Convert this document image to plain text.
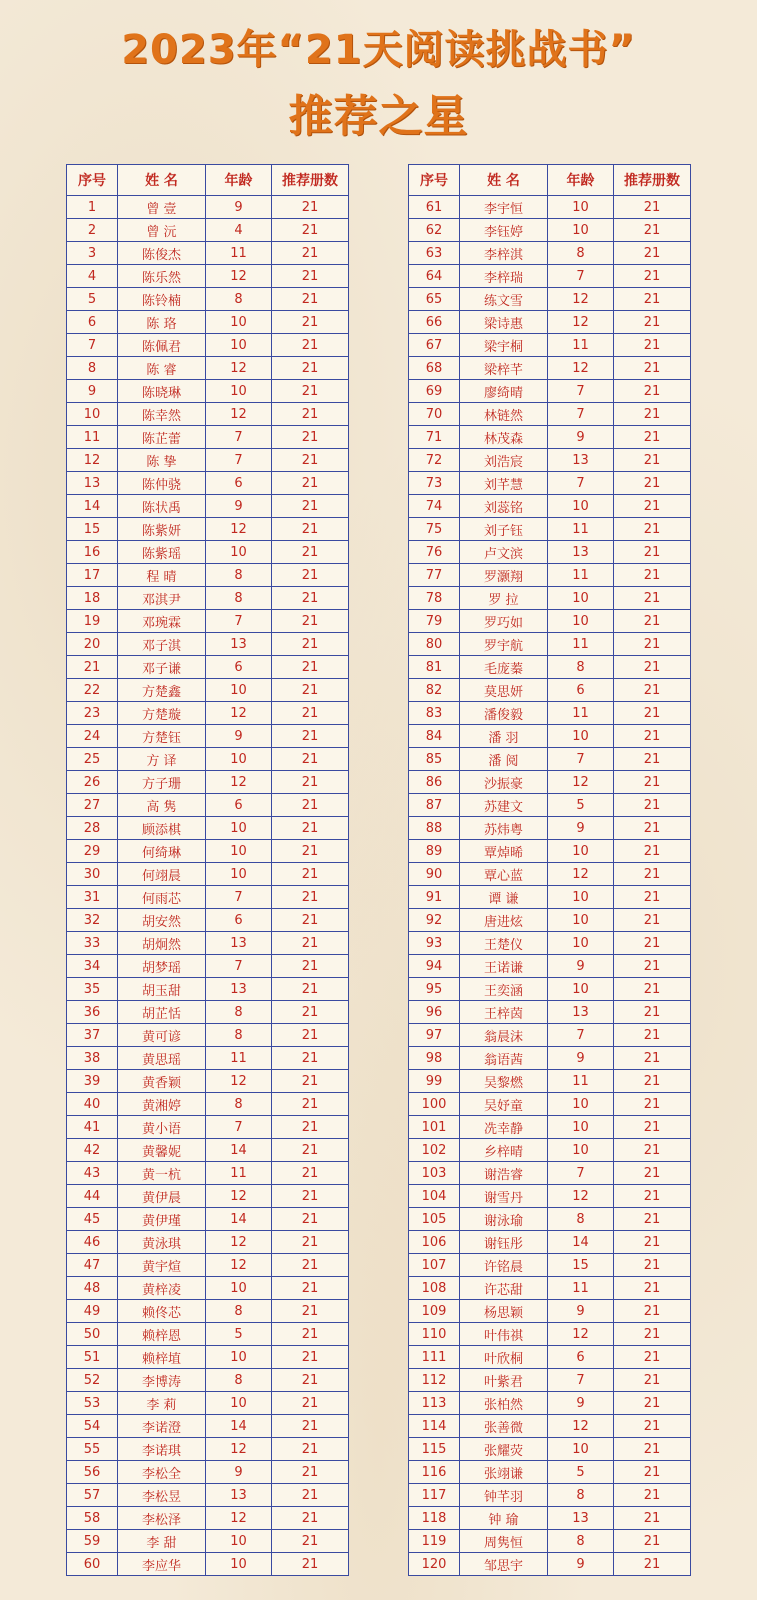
2023年“21天阅读挑战书”
推荐之星
序号	姓 名	年龄	推荐册数
1	曾 壹	9	21
2	曾 沅	4	21
3	陈俊杰	11	21
4	陈乐然	12	21
5	陈铃楠	8	21
6	陈 珞	10	21
7	陈佩君	10	21
8	陈 睿	12	21
9	陈晓琳	10	21
10	陈幸然	12	21
11	陈芷蕾	7	21
12	陈 挚	7	21
13	陈仲骁	6	21
14	陈状禹	9	21
15	陈紫妍	12	21
16	陈紫瑶	10	21
17	程 晴	8	21
18	邓淇尹	8	21
19	邓琬霖	7	21
20	邓子淇	13	21
21	邓子谦	6	21
22	方楚鑫	10	21
23	方楚璇	12	21
24	方楚钰	9	21
25	方 译	10	21
26	方子珊	12	21
27	高 隽	6	21
28	顾添棋	10	21
29	何绮琳	10	21
30	何翊晨	10	21
31	何雨芯	7	21
32	胡安然	6	21
33	胡炯然	13	21
34	胡梦瑶	7	21
35	胡玉甜	13	21
36	胡芷恬	8	21
37	黄可谚	8	21
38	黄思瑶	11	21
39	黄香颖	12	21
40	黄湘婷	8	21
41	黄小语	7	21
42	黄馨妮	14	21
43	黄一杭	11	21
44	黄伊晨	12	21
45	黄伊瑾	14	21
46	黄泳琪	12	21
47	黄宇煊	12	21
48	黄梓凌	10	21
49	赖佟芯	8	21
50	赖梓恩	5	21
51	赖梓埴	10	21
52	李博涛	8	21
53	李 莉	10	21
54	李诺澄	14	21
55	李诺琪	12	21
56	李松全	9	21
57	李松昱	13	21
58	李松泽	12	21
59	李 甜	10	21
60	李应华	10	21
序号	姓 名	年龄	推荐册数
61	李宇恒	10	21
62	李钰婷	10	21
63	李梓淇	8	21
64	李梓瑞	7	21
65	练文雪	12	21
66	梁诗惠	12	21
67	梁宇桐	11	21
68	梁梓芊	12	21
69	廖绮晴	7	21
70	林链然	7	21
71	林茂森	9	21
72	刘浩宸	13	21
73	刘芊慧	7	21
74	刘蕊铭	10	21
75	刘子钰	11	21
76	卢文滨	13	21
77	罗灏翔	11	21
78	罗 拉	10	21
79	罗巧如	10	21
80	罗宇航	11	21
81	毛庞蓁	8	21
82	莫思妍	6	21
83	潘俊毅	11	21
84	潘 羽	10	21
85	潘 阅	7	21
86	沙振豪	12	21
87	苏建文	5	21
88	苏炜粤	9	21
89	覃焯晞	10	21
90	覃心蓝	12	21
91	谭 谦	10	21
92	唐进炫	10	21
93	王楚仪	10	21
94	王诺谦	9	21
95	王奕涵	10	21
96	王梓茵	13	21
97	翁晨沫	7	21
98	翁语茜	9	21
99	吴黎燃	11	21
100	吴妤童	10	21
101	冼幸静	10	21
102	乡梓晴	10	21
103	谢浩睿	7	21
104	谢雪丹	12	21
105	谢泳瑜	8	21
106	谢钰彤	14	21
107	许铭晨	15	21
108	许芯甜	11	21
109	杨思颖	9	21
110	叶伟祺	12	21
111	叶欣桐	6	21
112	叶紫君	7	21
113	张柏然	9	21
114	张善微	12	21
115	张耀荧	10	21
116	张翊谦	5	21
117	钟芊羽	8	21
118	钟 瑜	13	21
119	周隽恒	8	21
120	邹思宇	9	21
